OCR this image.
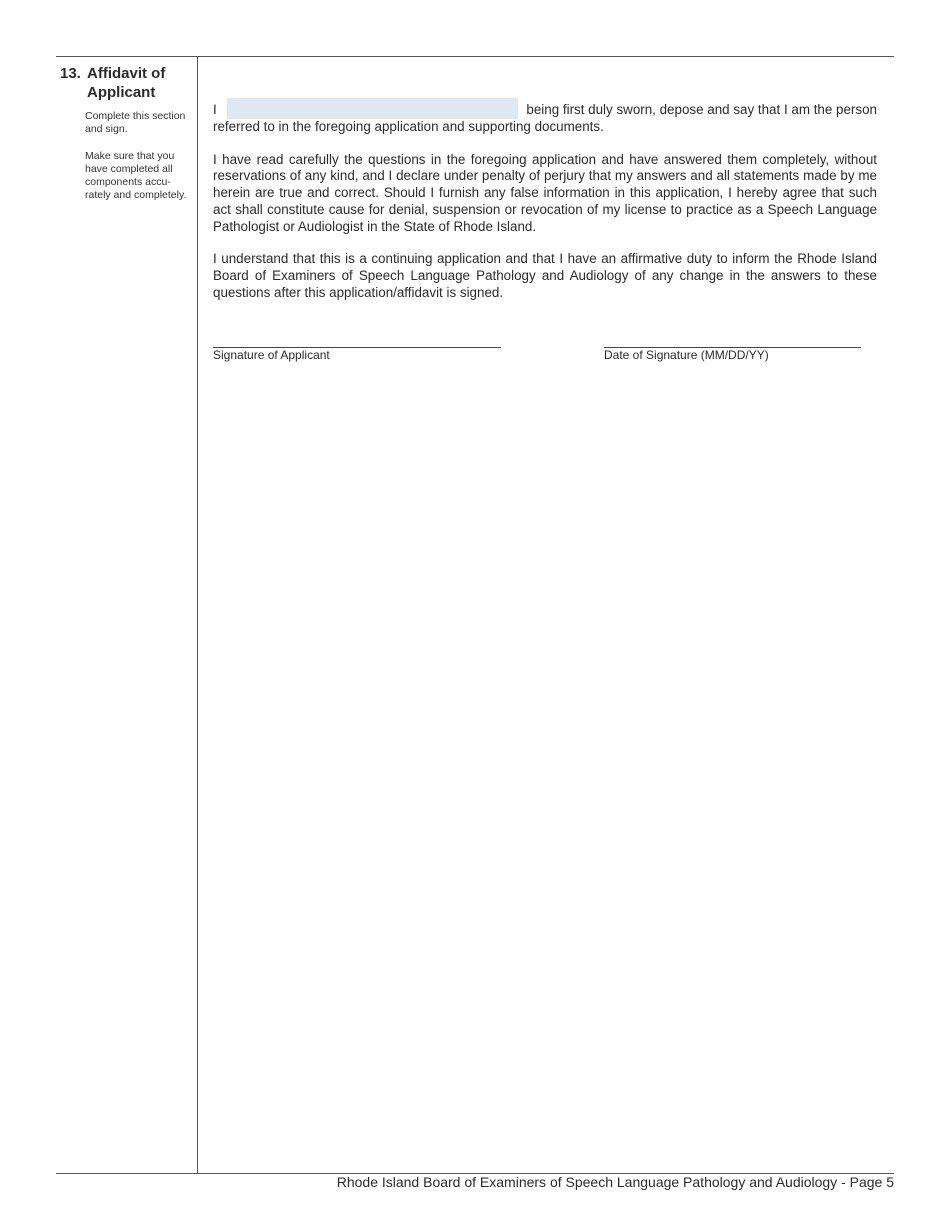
13. Affidavit of Applicant
Complete this section and sign.
Make sure that you have completed all components accu- rately and completely.
I	being first duly sworn, depose and say that I am the person
referred to in the foregoing application and supporting documents.

I have read carefully the questions in the foregoing application and have answered them completely, without reservations of any kind, and I declare under penalty of perjury that my answers and all statements made by me herein are true and correct. Should I furnish any false information in this application, I hereby agree that such act shall constitute cause for denial, suspension or revocation of my license to practice as a Speech Language Pathologist or Audiologist in the State of Rhode Island.

I understand that this is a continuing application and that I have an affirmative duty to inform the Rhode Island Board of Examiners of Speech Language Pathology and Audiology of any change in the answers to these questions after this application/affidavit is signed.

Signature of Applicant	Date of Signature (MM/DD/YY)
Rhode Island Board of Examiners of Speech Language Pathology and Audiology - Page 5
